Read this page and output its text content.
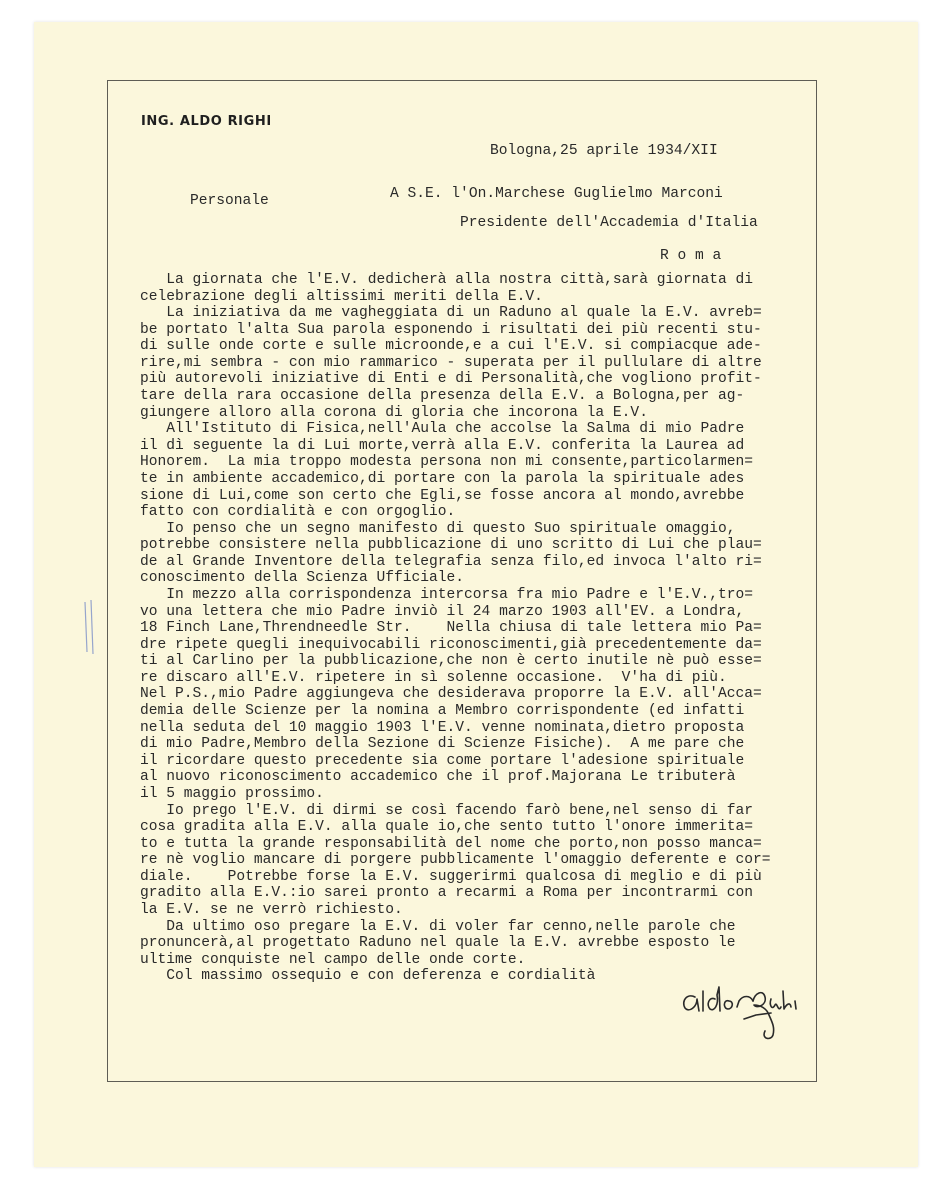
ING. ALDO RIGHI

Bologna,25 aprile 1934/XII

Personale	A S.E. l'On.Marchese Guglielmo Marconi

Presidente dell'Accademia d'Italia

R o m a

La giornata che l'E.V. dedicherà alla nostra città,sarà giornata di
celebrazione degli altissimi meriti della E.V.
La iniziativa da me vagheggiata di un Raduno al quale la E.V. avreb=
be portato l'alta Sua parola esponendo i risultati dei più recenti stu-
di sulle onde corte e sulle microonde,e a cui l'E.V. si compiacque ade-
rire,mi sembra - con mio rammarico - superata per il pullulare di altre
più autorevoli iniziative di Enti e di Personalità,che vogliono profit-
tare della rara occasione della presenza della E.V. a Bologna,per ag-
giungere alloro alla corona di gloria che incorona la E.V.
All'Istituto di Fisica,nell'Aula che accolse la Salma di mio Padre
il dì seguente la di Lui morte,verrà alla E.V. conferita la Laurea ad
Honorem.  La mia troppo modesta persona non mi consente,particolarmen=
te in ambiente accademico,di portare con la parola la spirituale ades
sione di Lui,come son certo che Egli,se fosse ancora al mondo,avrebbe
fatto con cordialità e con orgoglio.
Io penso che un segno manifesto di questo Suo spirituale omaggio,
potrebbe consistere nella pubblicazione di uno scritto di Lui che plau=
de al Grande Inventore della telegrafia senza filo,ed invoca l'alto ri=
conoscimento della Scienza Ufficiale.
In mezzo alla corrispondenza intercorsa fra mio Padre e l'E.V.,tro=
vo una lettera che mio Padre inviò il 24 marzo 1903 all'EV. a Londra,
18 Finch Lane,Threndneedle Str.    Nella chiusa di tale lettera mio Pa=
dre ripete quegli inequivocabili riconoscimenti,già precedentemente da=
ti al Carlino per la pubblicazione,che non è certo inutile nè può esse=
re discaro all'E.V. ripetere in sì solenne occasione.  V'ha di più.
Nel P.S.,mio Padre aggiungeva che desiderava proporre la E.V. all'Acca=
demia delle Scienze per la nomina a Membro corrispondente (ed infatti
nella seduta del 10 maggio 1903 l'E.V. venne nominata,dietro proposta
di mio Padre,Membro della Sezione di Scienze Fisiche).  A me pare che
il ricordare questo precedente sia come portare l'adesione spirituale
al nuovo riconoscimento accademico che il prof.Majorana Le tributerà
il 5 maggio prossimo.
Io prego l'E.V. di dirmi se così facendo farò bene,nel senso di far
cosa gradita alla E.V. alla quale io,che sento tutto l'onore immerita=
to e tutta la grande responsabilità del nome che porto,non posso manca=
re nè voglio mancare di porgere pubblicamente l'omaggio deferente e cor=
diale.    Potrebbe forse la E.V. suggerirmi qualcosa di meglio e di più
gradito alla E.V.:io sarei pronto a recarmi a Roma per incontrarmi con
la E.V. se ne verrò richiesto.
Da ultimo oso pregare la E.V. di voler far cenno,nelle parole che
pronuncerà,al progettato Raduno nel quale la E.V. avrebbe esposto le
ultime conquiste nel campo delle onde corte.
Col massimo ossequio e con deferenza e cordialità	Aldo Righi
